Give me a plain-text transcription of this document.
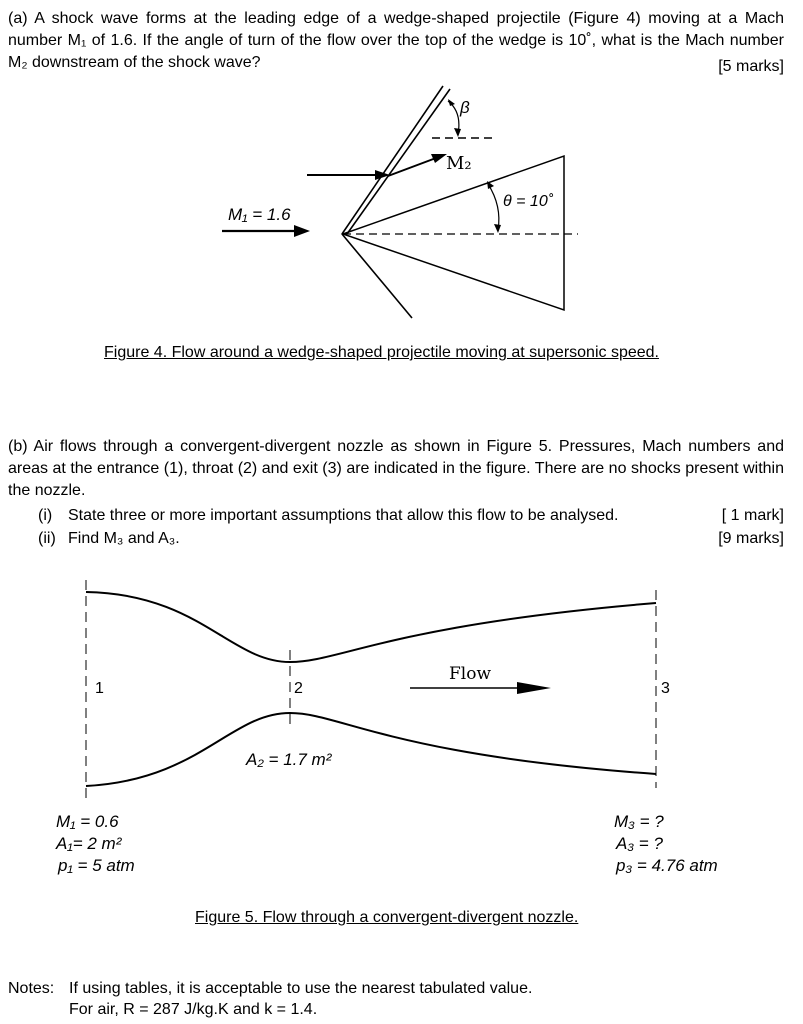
(a) A shock wave forms at the leading edge of a wedge-shaped projectile (Figure 4) moving at a Mach number M₁ of 1.6. If the angle of turn of the flow over the top of the wedge is 10˚, what is the Mach number M₂ downstream of the shock wave?	[5 marks]
M₁ = 1.6
M₂
β
θ = 10˚
Figure 4. Flow around a wedge-shaped projectile moving at supersonic speed.
(b) Air flows through a convergent-divergent nozzle as shown in Figure 5. Pressures, Mach numbers and areas at the entrance (1), throat (2) and exit (3) are indicated in the figure. There are no shocks present within the nozzle.
(i) State three or more important assumptions that allow this flow to be analysed.	[ 1 mark]
(ii) Find M₃ and A₃.	[9 marks]
1	2	3
Flow
A₂ = 1.7 m²
M₁ = 0.6
A₁= 2 m²
p₁ = 5 atm
M₃ = ?
A₃ = ?
p₃ = 4.76 atm
Figure 5. Flow through a convergent-divergent nozzle.
Notes: If using tables, it is acceptable to use the nearest tabulated value.
For air, R = 287 J/kg.K and k = 1.4.
